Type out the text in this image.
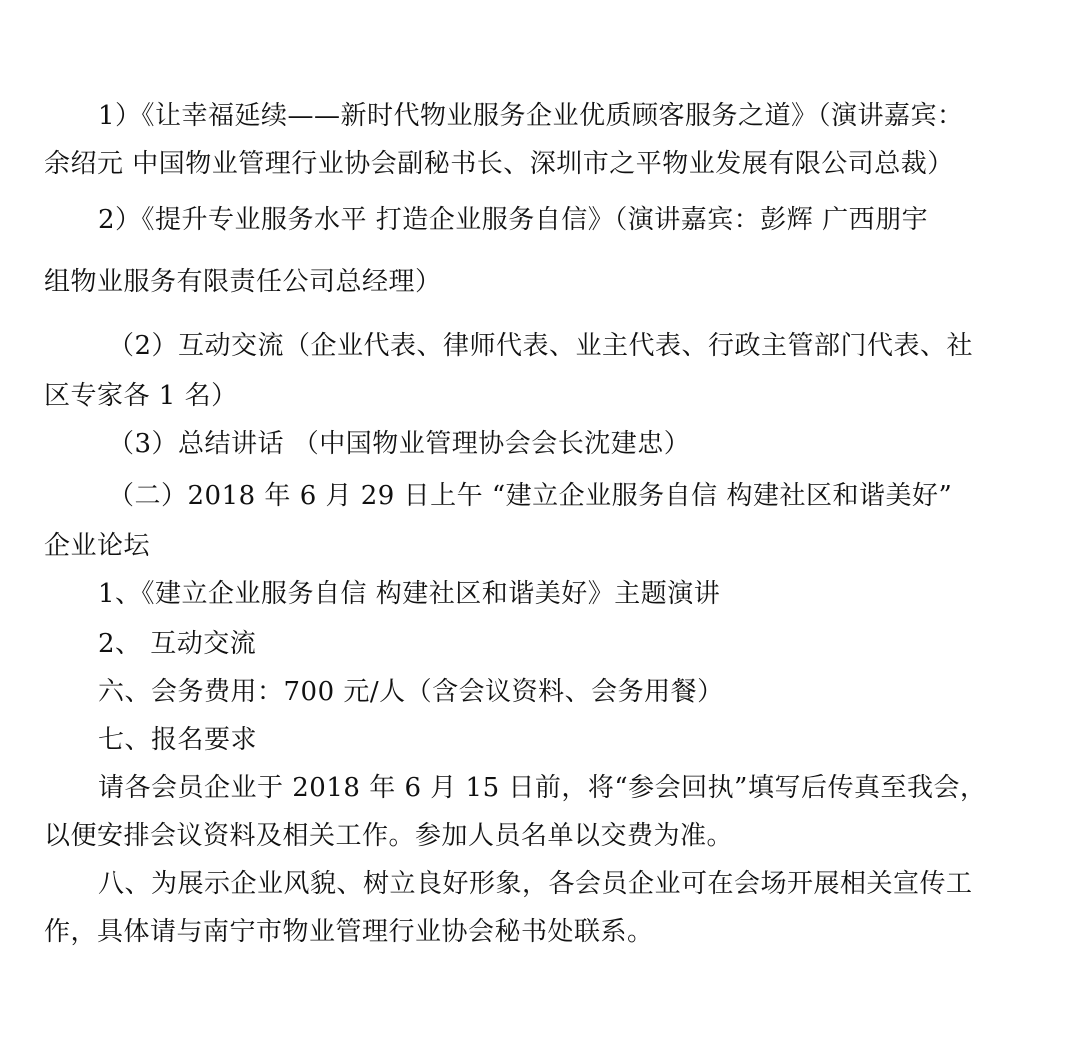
1）《让幸福延续——新时代物业服务企业优质顾客服务之道》（演讲嘉宾：
余绍元 中国物业管理行业协会副秘书长、深圳市之平物业发展有限公司总裁）
2）《提升专业服务水平 打造企业服务自信》（演讲嘉宾：彭辉 广西朋宇
组物业服务有限责任公司总经理）
（2）互动交流（企业代表、律师代表、业主代表、行政主管部门代表、社
区专家各 1 名）
（3）总结讲话 （中国物业管理协会会长沈建忠）
（二）2018 年 6 月 29 日上午 “建立企业服务自信 构建社区和谐美好”
企业论坛
1、《建立企业服务自信 构建社区和谐美好》主题演讲
2、 互动交流
六、会务费用：700 元/人（含会议资料、会务用餐）
七、报名要求
请各会员企业于 2018 年 6 月 15 日前，将“参会回执”填写后传真至我会，
以便安排会议资料及相关工作。参加人员名单以交费为准。
八、为展示企业风貌、树立良好形象，各会员企业可在会场开展相关宣传工
作，具体请与南宁市物业管理行业协会秘书处联系。
